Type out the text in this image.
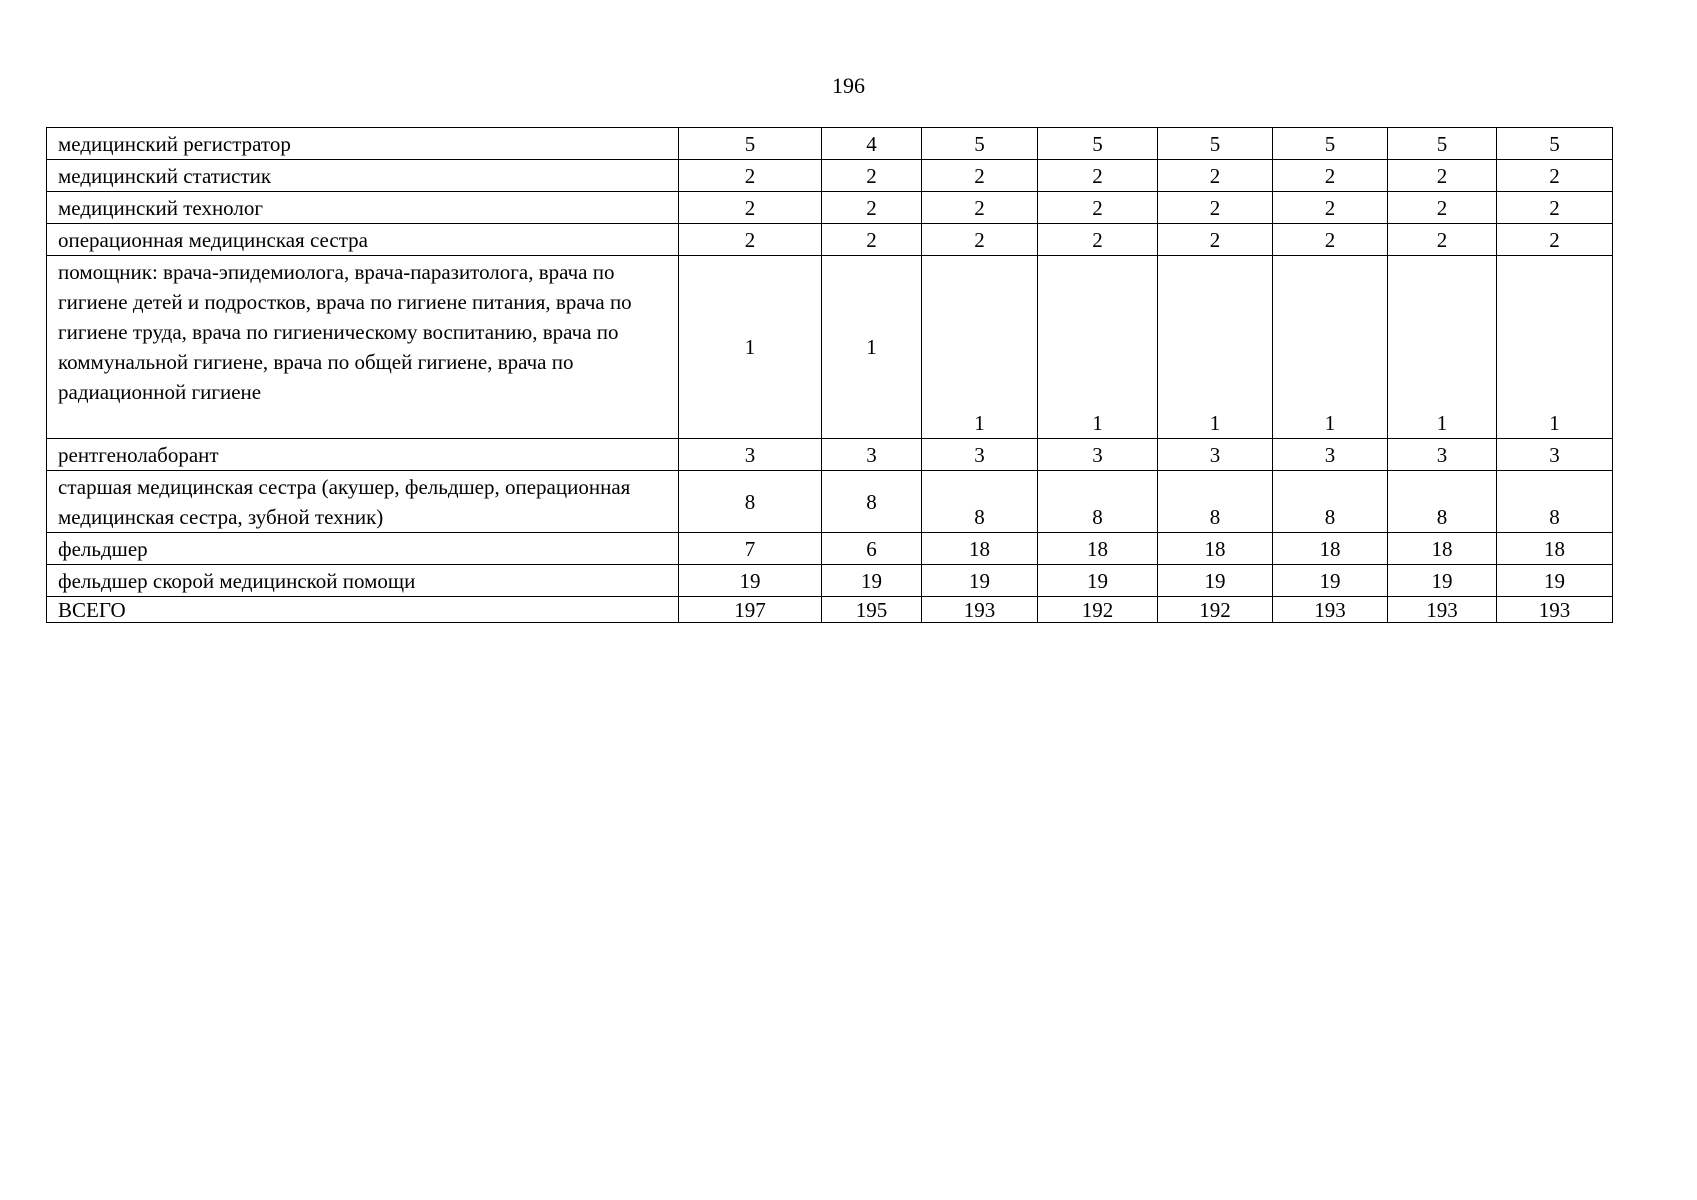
196
медицинский регистратор	5	4	5	5	5	5	5	5
медицинский статистик	2	2	2	2	2	2	2	2
медицинский технолог	2	2	2	2	2	2	2	2
операционная медицинская сестра	2	2	2	2	2	2	2	2
помощник: врача-эпидемиолога, врача-паразитолога, врача по гигиене детей и подростков, врача по гигиене питания, врача по гигиене труда, врача по гигиеническому воспитанию, врача по коммунальной гигиене, врача по общей гигиене, врача по радиационной гигиене	1	1	1	1	1	1	1	1
рентгенолаборант	3	3	3	3	3	3	3	3
старшая медицинская сестра (акушер, фельдшер, операционная медицинская сестра, зубной техник)	8	8	8	8	8	8	8	8
фельдшер	7	6	18	18	18	18	18	18
фельдшер скорой медицинской помощи	19	19	19	19	19	19	19	19
ВСЕГО	197	195	193	192	192	193	193	193
